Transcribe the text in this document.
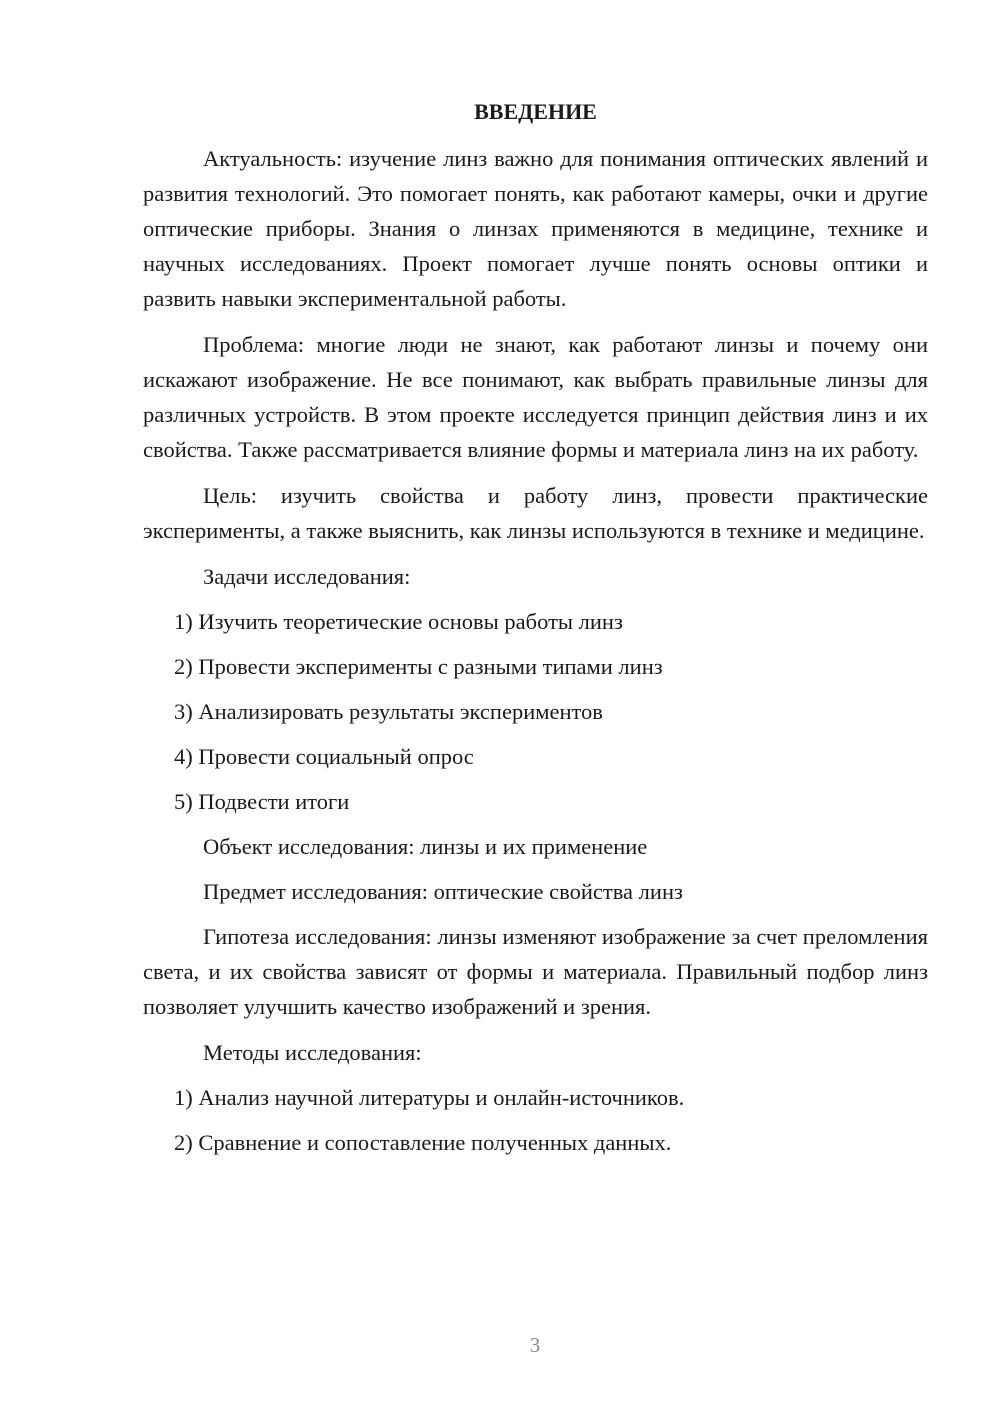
ВВЕДЕНИЕ

Актуальность: изучение линз важно для понимания оптических явлений и развития технологий. Это помогает понять, как работают камеры, очки и другие оптические приборы. Знания о линзах применяются в медицине, технике и научных исследованиях. Проект помогает лучше понять основы оптики и развить навыки экспериментальной работы.

Проблема: многие люди не знают, как работают линзы и почему они искажают изображение. Не все понимают, как выбрать правильные линзы для различных устройств. В этом проекте исследуется принцип действия линз и их свойства. Также рассматривается влияние формы и материала линз на их работу.

Цель: изучить свойства и работу линз, провести практические эксперименты, а также выяснить, как линзы используются в технике и медицине.

Задачи исследования:
1) Изучить теоретические основы работы линз
2) Провести эксперименты с разными типами линз
3) Анализировать результаты экспериментов
4) Провести социальный опрос
5) Подвести итоги
Объект исследования: линзы и их применение
Предмет исследования: оптические свойства линз

Гипотеза исследования: линзы изменяют изображение за счет преломления света, и их свойства зависят от формы и материала. Правильный подбор линз позволяет улучшить качество изображений и зрения.

Методы исследования:
1) Анализ научной литературы и онлайн-источников.
2) Сравнение и сопоставление полученных данных.
3
